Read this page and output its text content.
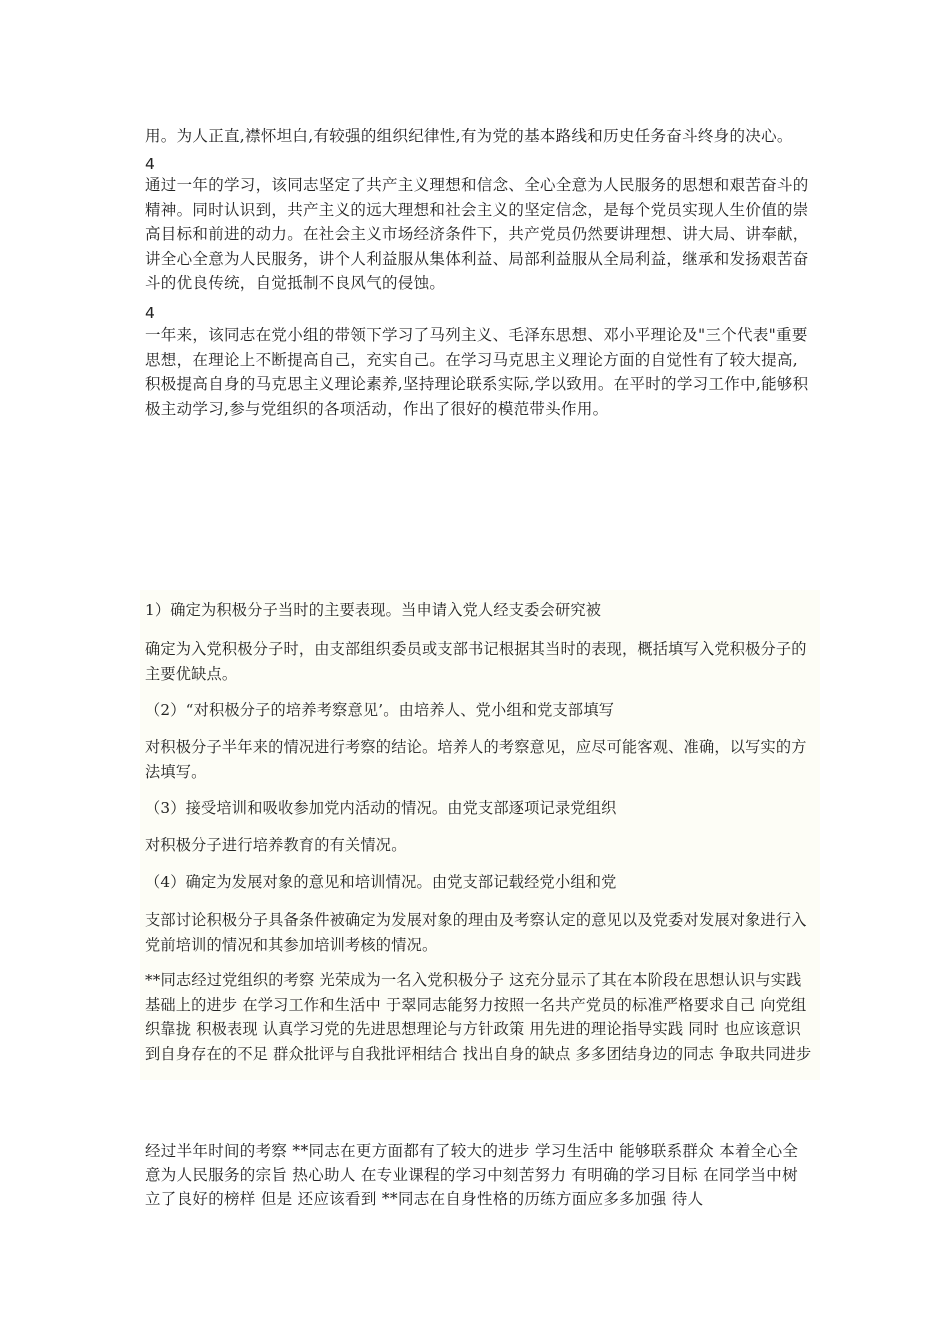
用。为人正直,襟怀坦白,有较强的组织纪律性,有为党的基本路线和历史任务奋斗终身的决心。

4

通过一年的学习，该同志坚定了共产主义理想和信念、全心全意为人民服务的思想和艰苦奋斗的精神。同时认识到，共产主义的远大理想和社会主义的坚定信念，是每个党员实现人生价值的崇高目标和前进的动力。在社会主义市场经济条件下，共产党员仍然要讲理想、讲大局、讲奉献，讲全心全意为人民服务，讲个人利益服从集体利益、局部利益服从全局利益，继承和发扬艰苦奋斗的优良传统，自觉抵制不良风气的侵蚀。

4

一年来，该同志在党小组的带领下学习了马列主义、毛泽东思想、邓小平理论及"三个代表"重要思想，在理论上不断提高自己，充实自己。在学习马克思主义理论方面的自觉性有了较大提高,积极提高自身的马克思主义理论素养,坚持理论联系实际,学以致用。在平时的学习工作中,能够积极主动学习,参与党组织的各项活动，作出了很好的模范带头作用。

1）确定为积极分子当时的主要表现。当申请入党人经支委会研究被

确定为入党积极分子时，由支部组织委员或支部书记根据其当时的表现，概括填写入党积极分子的主要优缺点。

（2）“对积极分子的培养考察意见’。由培养人、党小组和党支部填写

对积极分子半年来的情况进行考察的结论。培养人的考察意见，应尽可能客观、准确，以写实的方法填写。

（3）接受培训和吸收参加党内活动的情况。由党支部逐项记录党组织

对积极分子进行培养教育的有关情况。

（4）确定为发展对象的意见和培训情况。由党支部记载经党小组和党

支部讨论积极分子具备条件被确定为发展对象的理由及考察认定的意见以及党委对发展对象进行入党前培训的情况和其参加培训考核的情况。

**同志经过党组织的考察 光荣成为一名入党积极分子 这充分显示了其在本阶段在思想认识与实践基础上的进步 在学习工作和生活中 于翠同志能努力按照一名共产党员的标准严格要求自己 向党组织靠拢 积极表现 认真学习党的先进思想理论与方针政策 用先进的理论指导实践 同时 也应该意识到自身存在的不足 群众批评与自我批评相结合 找出自身的缺点 多多团结身边的同志 争取共同进步

经过半年时间的考察 **同志在更方面都有了较大的进步 学习生活中 能够联系群众 本着全心全意为人民服务的宗旨 热心助人 在专业课程的学习中刻苦努力 有明确的学习目标 在同学当中树立了良好的榜样 但是 还应该看到 **同志在自身性格的历练方面应多多加强 待人
